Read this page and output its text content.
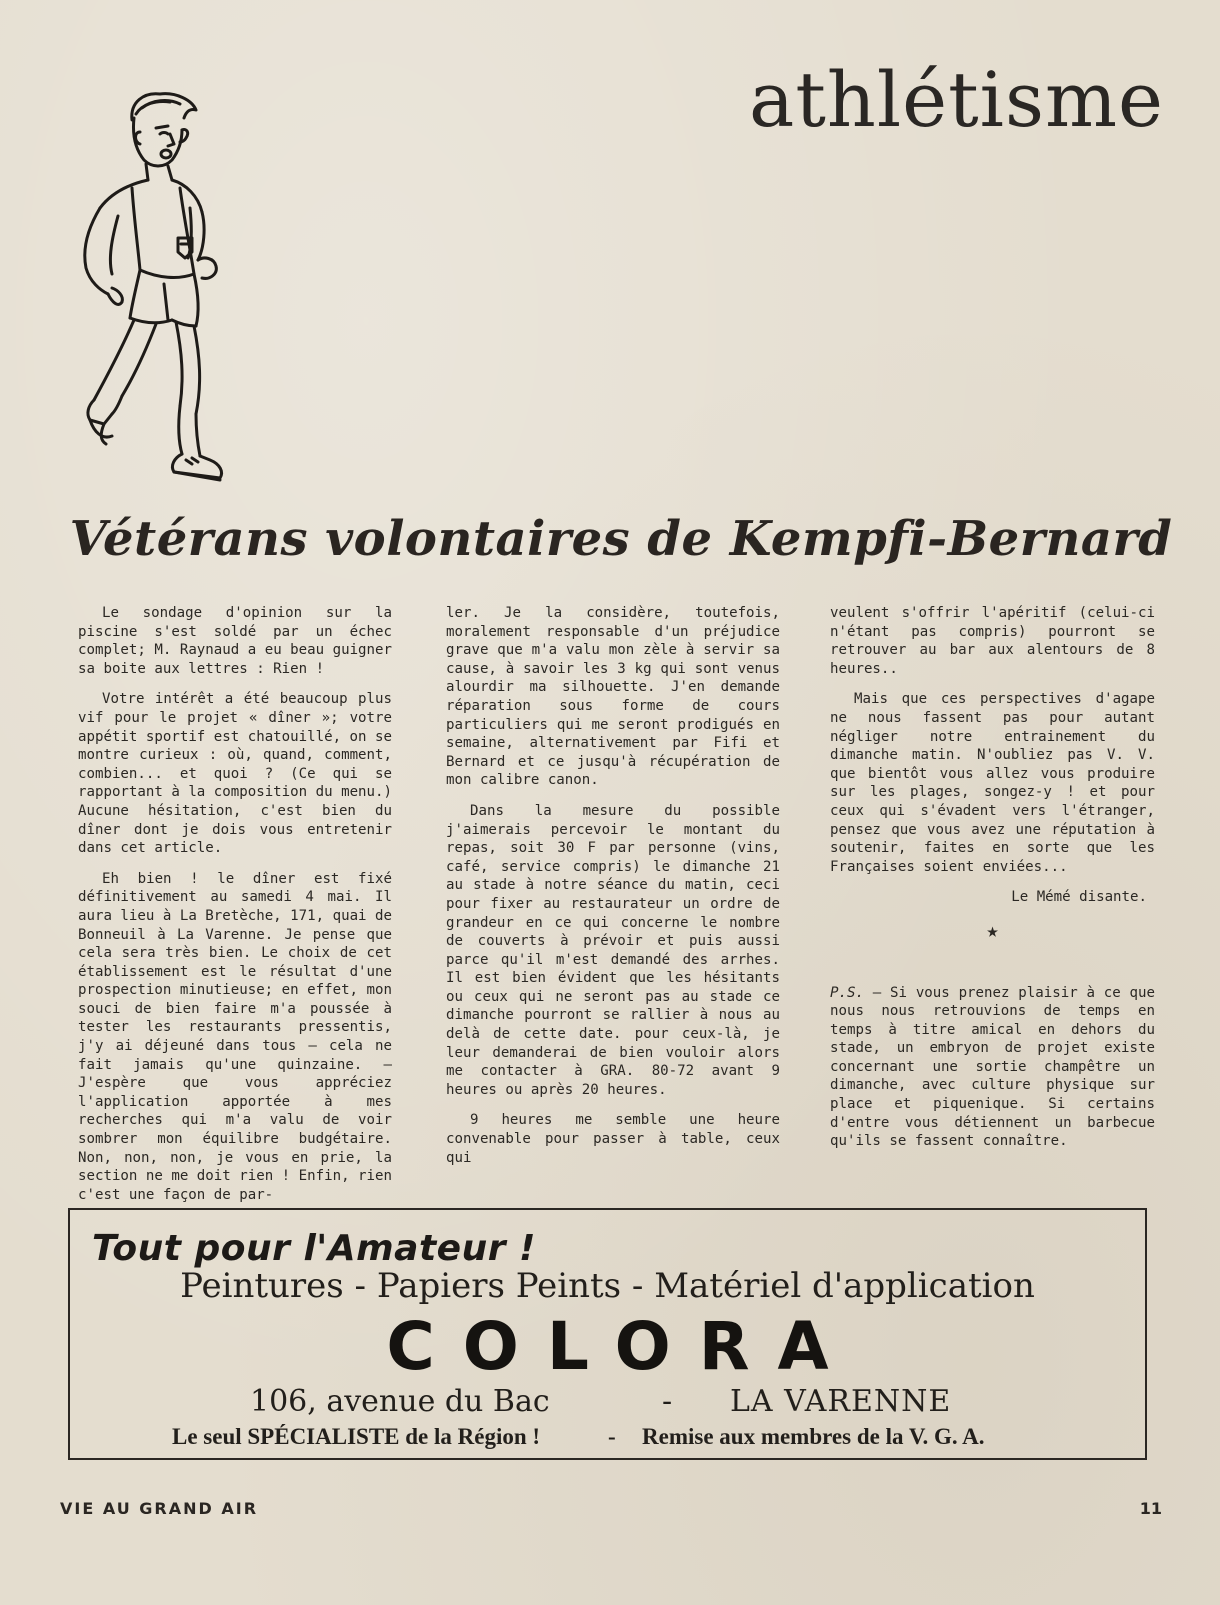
athlétisme
Vétérans volontaires de Kempfi-Bernard

Le sondage d'opinion sur la piscine s'est soldé par un échec complet; M. Raynaud a eu beau guigner sa boite aux lettres : Rien !

Votre intérêt a été beaucoup plus vif pour le projet « dîner »; votre appétit sportif est chatouillé, on se montre curieux : où, quand, comment, combien... et quoi ? (Ce qui se rapportant à la composition du menu.) Aucune hésitation, c'est bien du dîner dont je dois vous entretenir dans cet article.

Eh bien ! le dîner est fixé définitivement au samedi 4 mai. Il aura lieu à La Bretèche, 171, quai de Bonneuil à La Varenne. Je pense que cela sera très bien. Le choix de cet établissement est le résultat d'une prospection minutieuse; en effet, mon souci de bien faire m'a poussée à tester les restaurants pressentis, j'y ai déjeuné dans tous — cela ne fait jamais qu'une quinzaine. — J'espère que vous appréciez l'application apportée à mes recherches qui m'a valu de voir sombrer mon équilibre budgétaire. Non, non, non, je vous en prie, la section ne me doit rien ! Enfin, rien c'est une façon de par-

ler. Je la considère, toutefois, moralement responsable d'un préjudice grave que m'a valu mon zèle à servir sa cause, à savoir les 3 kg qui sont venus alourdir ma silhouette. J'en demande réparation sous forme de cours particuliers qui me seront prodigués en semaine, alternativement par Fifi et Bernard et ce jusqu'à récupération de mon calibre canon.

Dans la mesure du possible j'aimerais percevoir le montant du repas, soit 30 F par personne (vins, café, service compris) le dimanche 21 au stade à notre séance du matin, ceci pour fixer au restaurateur un ordre de grandeur en ce qui concerne le nombre de couverts à prévoir et puis aussi parce qu'il m'est demandé des arrhes. Il est bien évident que les hésitants ou ceux qui ne seront pas au stade ce dimanche pourront se rallier à nous au delà de cette date. pour ceux-là, je leur demanderai de bien vouloir alors me contacter à GRA. 80-72 avant 9 heures ou après 20 heures.

9 heures me semble une heure convenable pour passer à table, ceux qui

veulent s'offrir l'apéritif (celui-ci n'étant pas compris) pourront se retrouver au bar aux alentours de 8 heures..

Mais que ces perspectives d'agape ne nous fassent pas pour autant négliger notre entrainement du dimanche matin. N'oubliez pas V. V. que bientôt vous allez vous produire sur les plages, songez-y ! et pour ceux qui s'évadent vers l'étranger, pensez que vous avez une réputation à soutenir, faites en sorte que les Françaises soient enviées...

Le Mémé disante.

★

P.S. — Si vous prenez plaisir à ce que nous nous retrouvions de temps en temps à titre amical en dehors du stade, un embryon de projet existe concernant une sortie champêtre un dimanche, avec culture physique sur place et piquenique. Si certains d'entre vous détiennent un barbecue qu'ils se fassent connaître.

Tout pour l'Amateur !
Peintures - Papiers Peints - Matériel d'application
COLORA
106, avenue du Bac	- LA VARENNE
Le seul SPÉCIALISTE de la Région !	- Remise aux membres de la V. G. A.
VIE AU GRAND AIR	11
